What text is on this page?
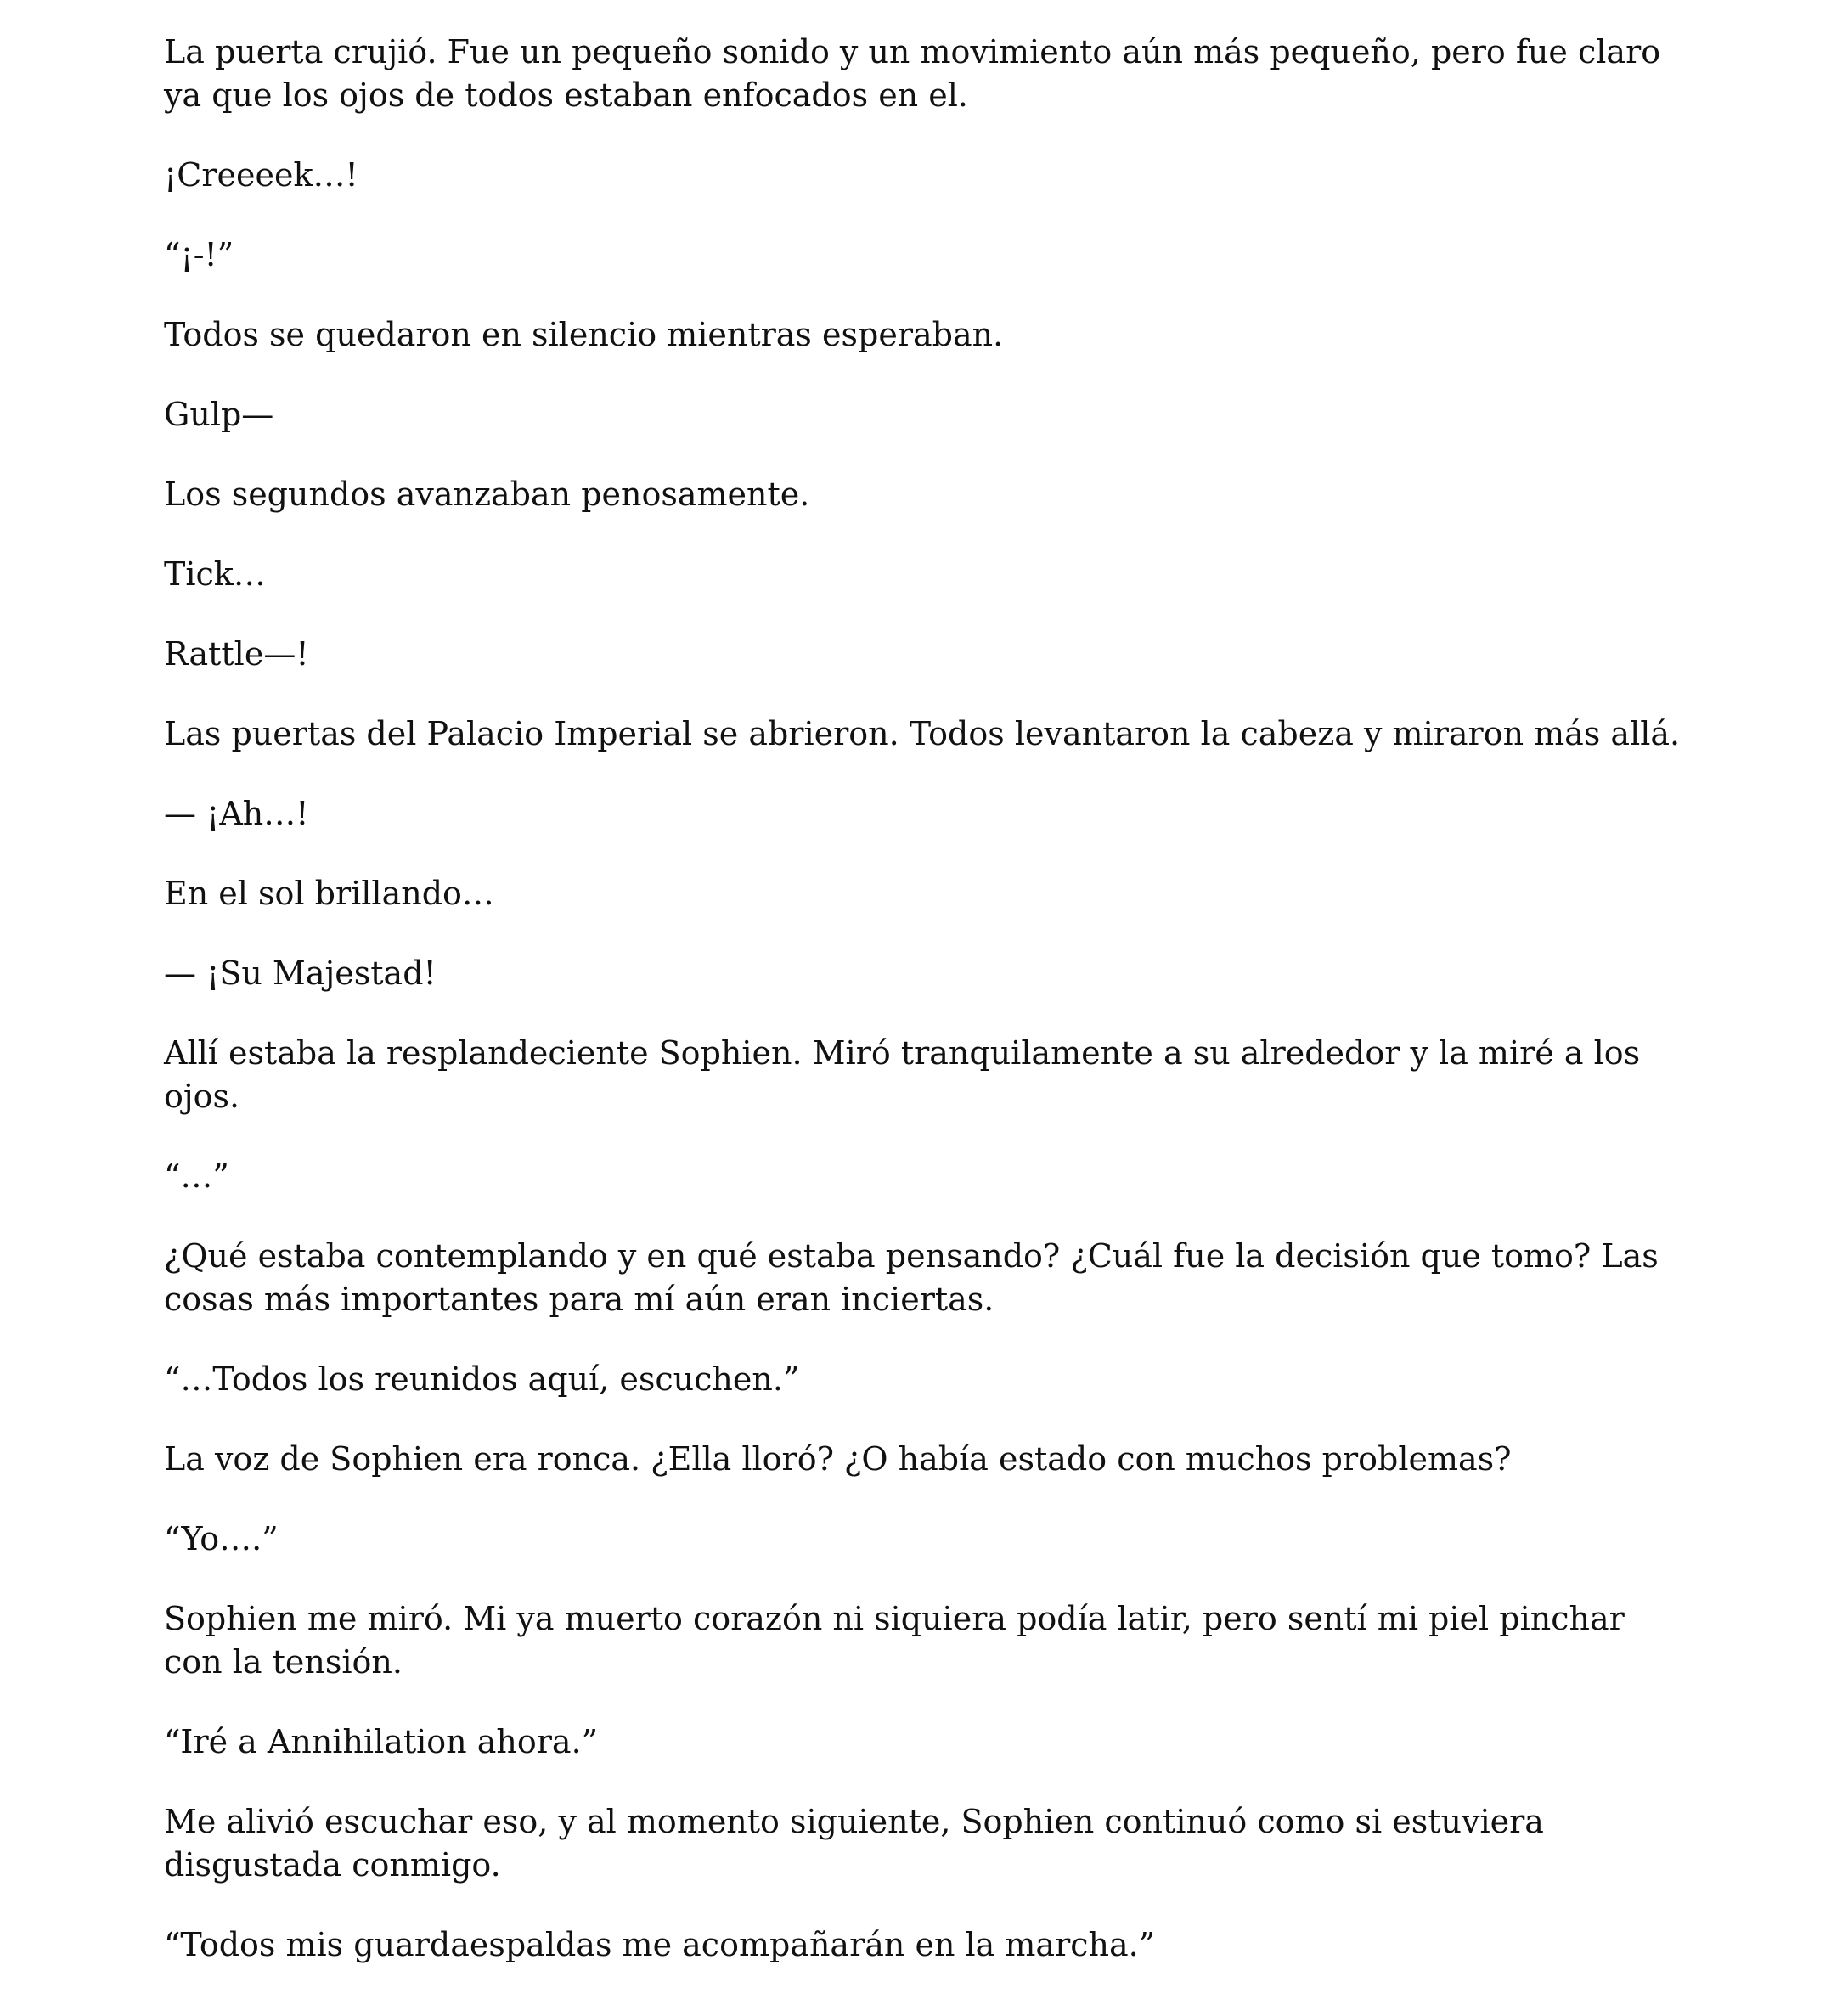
La puerta crujió. Fue un pequeño sonido y un movimiento aún más pequeño, pero fue claro ya que los ojos de todos estaban enfocados en el.

¡Creeeek…!

“¡-!”

Todos se quedaron en silencio mientras esperaban.

Gulp—

Los segundos avanzaban penosamente.

Tick…

Rattle—!

Las puertas del Palacio Imperial se abrieron. Todos levantaron la cabeza y miraron más allá.

— ¡Ah…!

En el sol brillando…

— ¡Su Majestad!

Allí estaba la resplandeciente Sophien. Miró tranquilamente a su alrededor y la miré a los ojos.

“…”

¿Qué estaba contemplando y en qué estaba pensando? ¿Cuál fue la decisión que tomo? Las cosas más importantes para mí aún eran inciertas.

“…Todos los reunidos aquí, escuchen.”

La voz de Sophien era ronca. ¿Ella lloró? ¿O había estado con muchos problemas?

“Yo….”

Sophien me miró. Mi ya muerto corazón ni siquiera podía latir, pero sentí mi piel pinchar con la tensión.

“Iré a Annihilation ahora.”

Me alivió escuchar eso, y al momento siguiente, Sophien continuó como si estuviera disgustada conmigo.

“Todos mis guardaespaldas me acompañarán en la marcha.”
